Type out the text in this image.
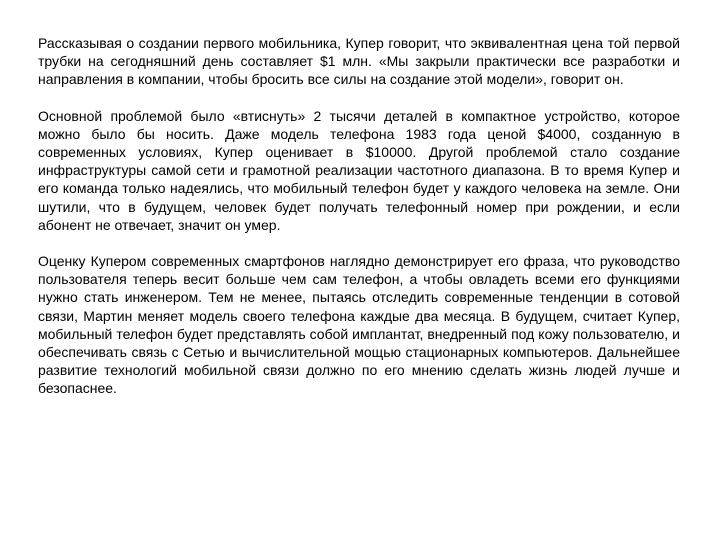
Рассказывая о создании первого мобильника, Купер говорит, что эквивалентная цена той первой трубки на сегодняшний день составляет $1 млн. «Мы закрыли практически все разработки и направления в компании, чтобы бросить все силы на создание этой модели», говорит он.

Основной проблемой было «втиснуть» 2 тысячи деталей в компактное устройство, которое можно было бы носить. Даже модель телефона 1983 года ценой $4000, созданную в современных условиях, Купер оценивает в $10000. Другой проблемой стало создание инфраструктуры самой сети и грамотной реализации частотного диапазона. В то время Купер и его команда только надеялись, что мобильный телефон будет у каждого человека на земле. Они шутили, что в будущем, человек будет получать телефонный номер при рождении, и если абонент не отвечает, значит он умер.

Оценку Купером современных смартфонов наглядно демонстрирует его фраза, что руководство пользователя теперь весит больше чем сам телефон, а чтобы овладеть всеми его функциями нужно стать инженером. Тем не менее, пытаясь отследить современные тенденции в сотовой связи, Мартин меняет модель своего телефона каждые два месяца. В будущем, считает Купер, мобильный телефон будет представлять собой имплантат, внедренный под кожу пользователю, и обеспечивать связь с Сетью и вычислительной мощью стационарных компьютеров. Дальнейшее развитие технологий мобильной связи должно по его мнению сделать жизнь людей лучше и безопаснее.
